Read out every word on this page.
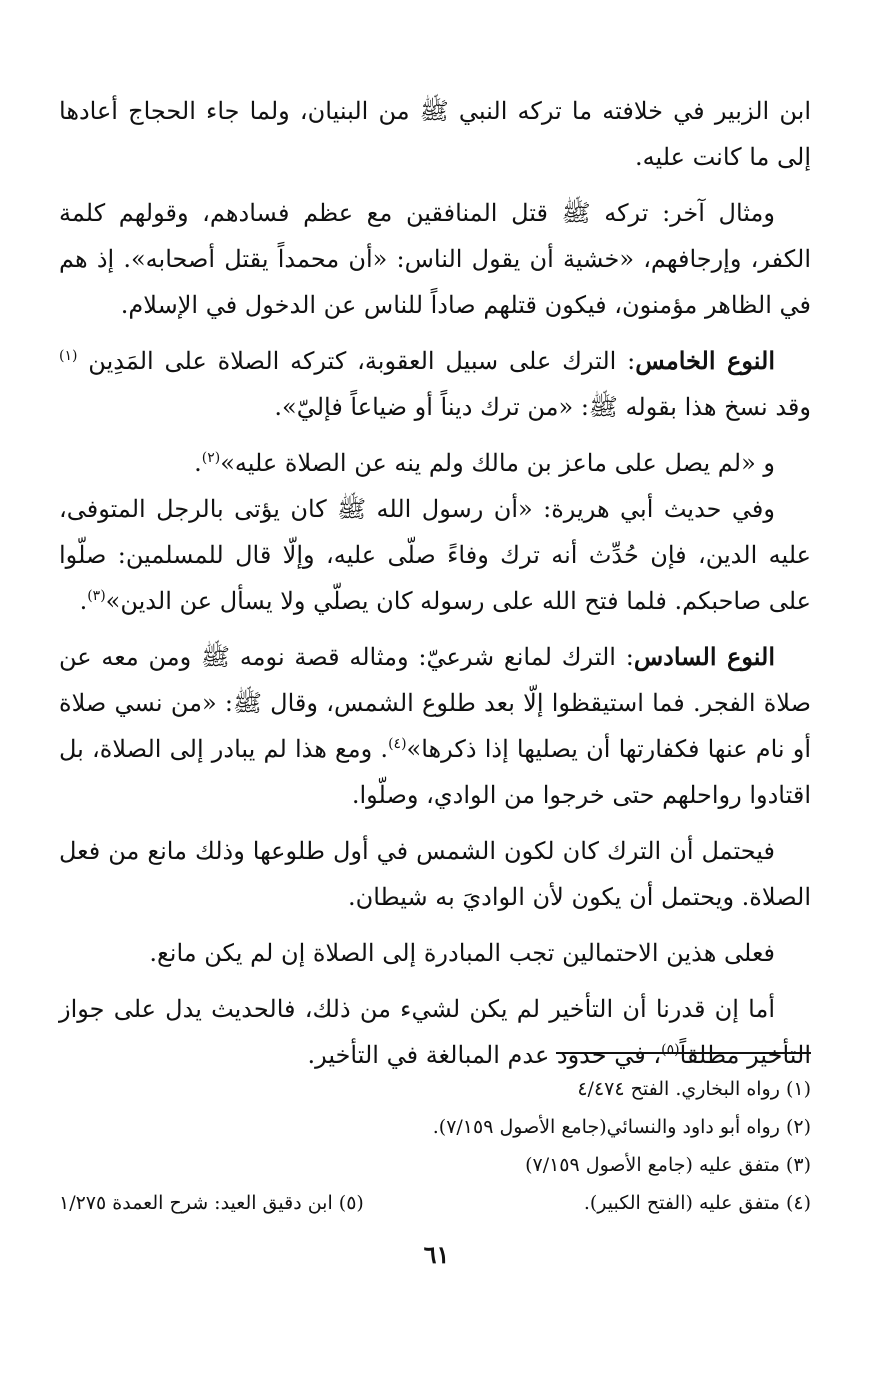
ابن الزبير في خلافته ما تركه النبي ﷺ من البنيان، ولما جاء الحجاج أعادها إلى ما كانت عليه.

ومثال آخر: تركه ﷺ قتل المنافقين مع عظم فسادهم، وقولهم كلمة الكفر، وإرجافهم، «خشية أن يقول الناس: «أن محمداً يقتل أصحابه». إذ هم في الظاهر مؤمنون، فيكون قتلهم صاداً للناس عن الدخول في الإسلام.

النوع الخامس: الترك على سبيل العقوبة، كتركه الصلاة على المَدِين $^{(١)}$ وقد نسخ هذا بقوله ﷺ: «من ترك ديناً أو ضياعاً فإليّ».

و «لم يصل على ماعز بن مالك ولم ينه عن الصلاة عليه»$^{(٢)}$.

وفي حديث أبي هريرة: «أن رسول الله ﷺ كان يؤتى بالرجل المتوفى، عليه الدين، فإن حُدِّث أنه ترك وفاءً صلّى عليه، وإلّا قال للمسلمين: صلّوا على صاحبكم. فلما فتح الله على رسوله كان يصلّي ولا يسأل عن الدين»$^{(٣)}$.

النوع السادس: الترك لمانع شرعيّ: ومثاله قصة نومه ﷺ ومن معه عن صلاة الفجر. فما استيقظوا إلّا بعد طلوع الشمس، وقال ﷺ: «من نسي صلاة أو نام عنها فكفارتها أن يصليها إذا ذكرها»$^{(٤)}$. ومع هذا لم يبادر إلى الصلاة، بل اقتادوا رواحلهم حتى خرجوا من الوادي، وصلّوا.

فيحتمل أن الترك كان لكون الشمس في أول طلوعها وذلك مانع من فعل الصلاة. ويحتمل أن يكون لأن الواديَ به شيطان.

فعلى هذين الاحتمالين تجب المبادرة إلى الصلاة إن لم يكن مانع.

أما إن قدرنا أن التأخير لم يكن لشيء من ذلك، فالحديث يدل على جواز التأخير مطلقاً$^{(٥)}$، في حدود عدم المبالغة في التأخير.

(١) رواه البخاري. الفتح ٤/٤٧٤
(٢) رواه أبو داود والنسائي(جامع الأصول ٧/١٥٩).
(٣) متفق عليه (جامع الأصول ٧/١٥٩)
(٤) متفق عليه (الفتح الكبير).
(٥) ابن دقيق العيد: شرح العمدة ١/٢٧٥
٦١
